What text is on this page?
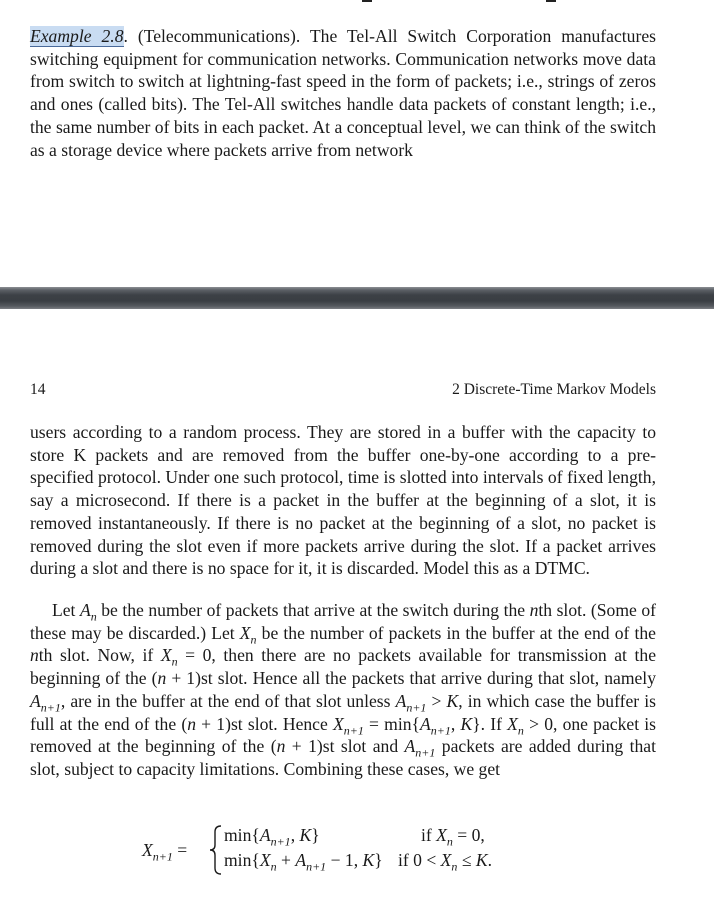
Example 2.8. (Telecommunications). The Tel-All Switch Corporation manufactures switching equipment for communication networks. Communication networks move data from switch to switch at lightning-fast speed in the form of packets; i.e., strings of zeros and ones (called bits). The Tel-All switches handle data packets of constant length; i.e., the same number of bits in each packet. At a conceptual level, we can think of the switch as a storage device where packets arrive from network

14	2 Discrete-Time Markov Models

users according to a random process. They are stored in a buffer with the capacity to store K packets and are removed from the buffer one-by-one according to a pre-specified protocol. Under one such protocol, time is slotted into intervals of fixed length, say a microsecond. If there is a packet in the buffer at the beginning of a slot, it is removed instantaneously. If there is no packet at the beginning of a slot, no packet is removed during the slot even if more packets arrive during the slot. If a packet arrives during a slot and there is no space for it, it is discarded. Model this as a DTMC.

Let $A_n$ be the number of packets that arrive at the switch during the nth slot. (Some of these may be discarded.) Let $X_n$ be the number of packets in the buffer at the end of the nth slot. Now, if $X_n = 0$, then there are no packets available for transmission at the beginning of the (n + 1)st slot. Hence all the packets that arrive during that slot, namely $A_{n+1}$, are in the buffer at the end of that slot unless $A_{n+1} > K$, in which case the buffer is full at the end of the (n + 1)st slot. Hence $X_{n+1} = \min\{A_{n+1}$, K}. If $X_n > 0$, one packet is removed at the beginning of the (n + 1)st slot and $A_{n+1}$ packets are added during that slot, subject to capacity limitations. Combining these cases, we get

$X_{n+1}$ =
$\min\{A_{n+1}$, K}
$\min\{X_n + A_{n+1} - 1$, K}
if $X_n = 0$,
if $0 < X_n \le K$.
